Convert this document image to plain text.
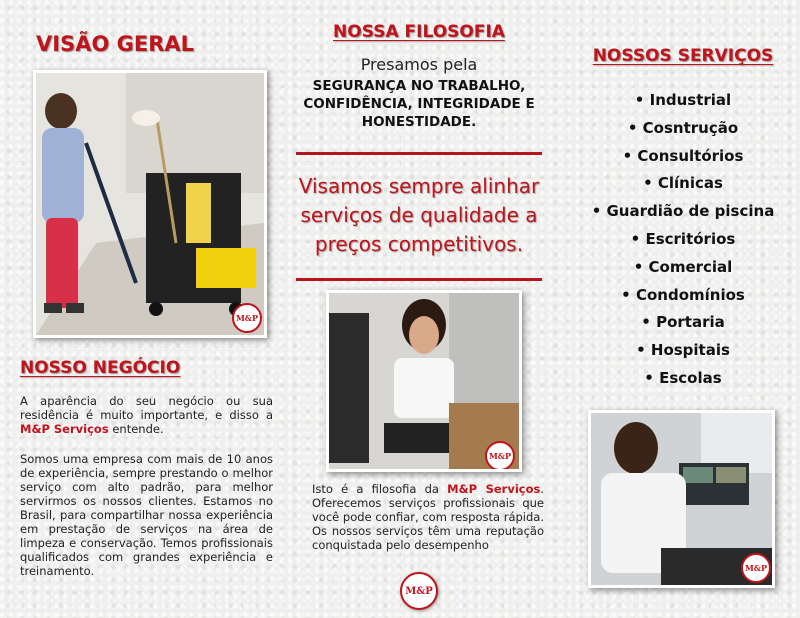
VISÃO GERAL
M&P
NOSSO NEGÓCIO

A aparência do seu negócio ou sua residência é muito importante, e disso a M&P Serviços entende.

Somos uma empresa com mais de 10 anos de experiência, sempre prestando o melhor serviço com alto padrão, para melhor servirmos os nossos clientes. Estamos no Brasil, para compartilhar nossa experiência em prestação de serviços na área de limpeza e conservação. Temos profissionais qualificados com grandes experiência e treinamento.

NOSSA FILOSOFIA
Presamos pela
SEGURANÇA NO TRABALHO, CONFIDÊNCIA, INTEGRIDADE E HONESTIDADE.
Visamos sempre alinhar serviços de qualidade a preços competitivos.
M&P

Isto é a filosofia da M&P Serviços. Oferecemos serviços profissionais que você pode confiar, com resposta rápida. Os nossos serviços têm uma reputação conquistada pelo desempenho

M&P
NOSSOS SERVIÇOS
• Industrial
• Cosntrução
• Consultórios
• Clínicas
• Guardião de piscina
• Escritórios
• Comercial
• Condomínios
• Portaria
• Hospitais
• Escolas
M&P
